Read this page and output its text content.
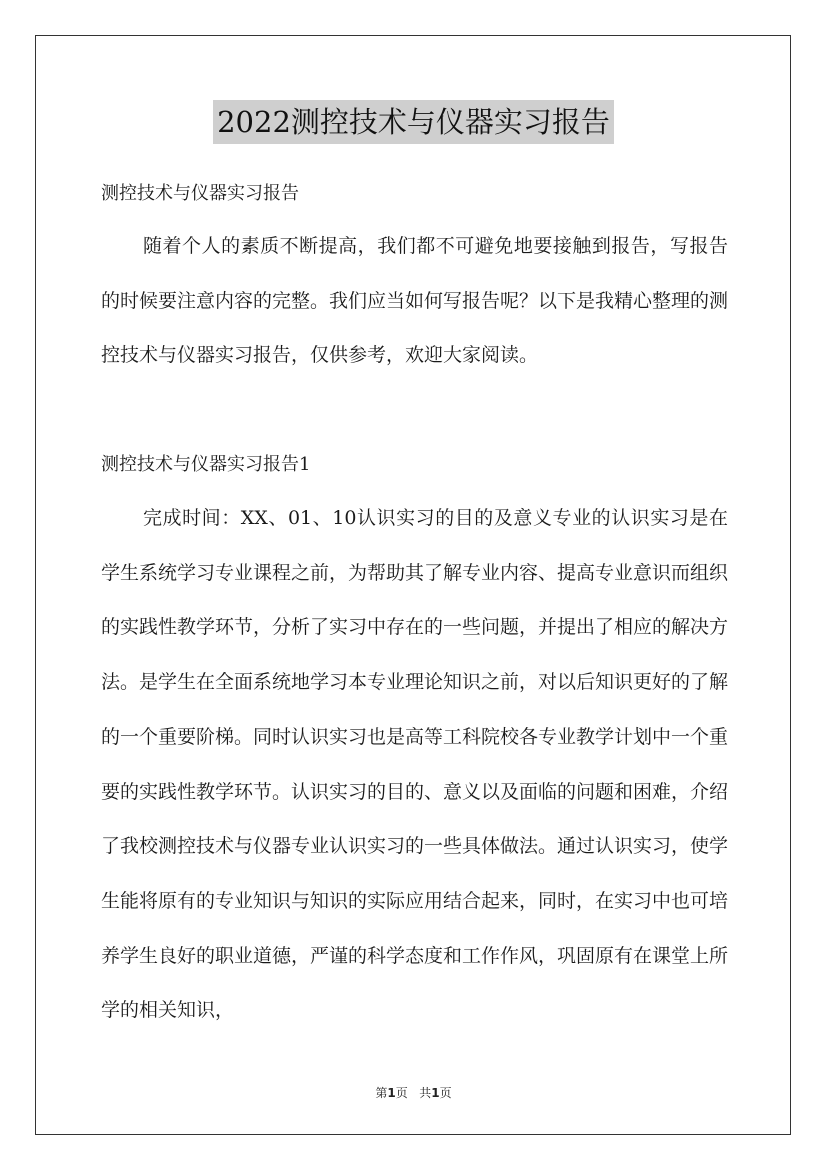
2022测控技术与仪器实习报告
测控技术与仪器实习报告

随着个人的素质不断提高，我们都不可避免地要接触到报告，写报告的时候要注意内容的完整。我们应当如何写报告呢？以下是我精心整理的测控技术与仪器实习报告，仅供参考，欢迎大家阅读。

测控技术与仪器实习报告1

完成时间：XX、01、10认识实习的目的及意义专业的认识实习是在学生系统学习专业课程之前，为帮助其了解专业内容、提高专业意识而组织的实践性教学环节，分析了实习中存在的一些问题，并提出了相应的解决方法。是学生在全面系统地学习本专业理论知识之前，对以后知识更好的了解的一个重要阶梯。同时认识实习也是高等工科院校各专业教学计划中一个重要的实践性教学环节。认识实习的目的、意义以及面临的问题和困难，介绍了我校测控技术与仪器专业认识实习的一些具体做法。通过认识实习，使学生能将原有的专业知识与知识的实际应用结合起来，同时，在实习中也可培养学生良好的职业道德，严谨的科学态度和工作作风，巩固原有在课堂上所学的相关知识，

第1页 共1页
